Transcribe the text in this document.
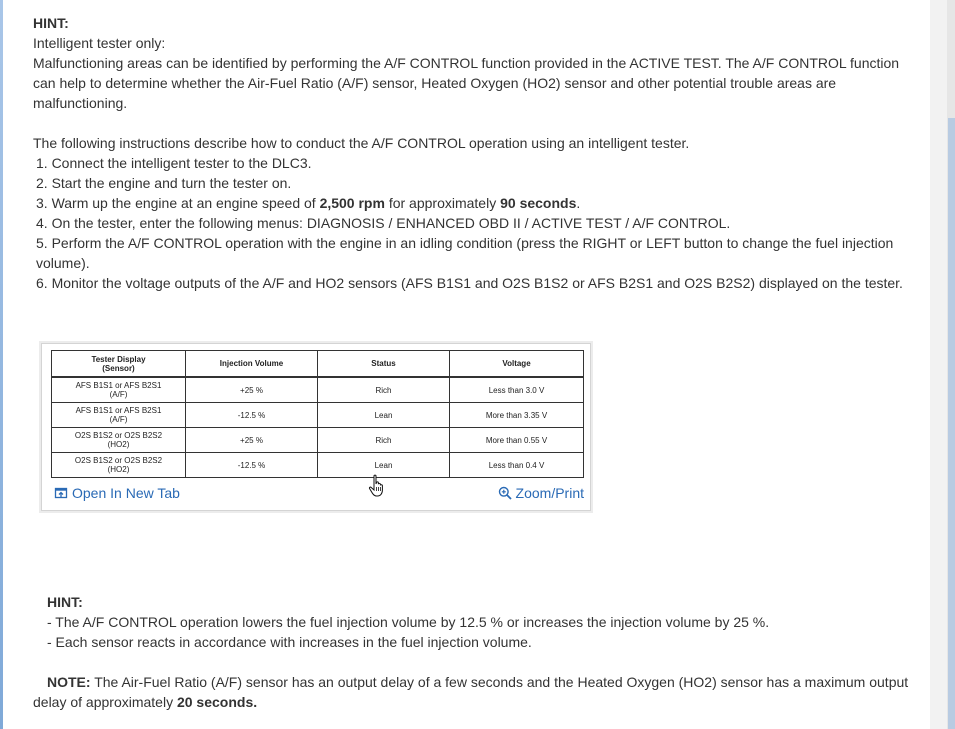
HINT:

Intelligent tester only:

Malfunctioning areas can be identified by performing the A/F CONTROL function provided in the ACTIVE TEST. The A/F CONTROL function can help to determine whether the Air-Fuel Ratio (A/F) sensor, Heated Oxygen (HO2) sensor and other potential trouble areas are malfunctioning.

The following instructions describe how to conduct the A/F CONTROL operation using an intelligent tester.

1. Connect the intelligent tester to the DLC3.

2. Start the engine and turn the tester on.

3. Warm up the engine at an engine speed of 2,500 rpm for approximately 90 seconds.

4. On the tester, enter the following menus: DIAGNOSIS / ENHANCED OBD II / ACTIVE TEST / A/F CONTROL.

5. Perform the A/F CONTROL operation with the engine in an idling condition (press the RIGHT or LEFT button to change the fuel injection volume).

6. Monitor the voltage outputs of the A/F and HO2 sensors (AFS B1S1 and O2S B1S2 or AFS B2S1 and O2S B2S2) displayed on the tester.

Tester Display
(Sensor)	Injection Volume	Status	Voltage
AFS B1S1 or AFS B2S1
(A/F)	+25 %	Rich	Less than 3.0 V
AFS B1S1 or AFS B2S1
(A/F)	-12.5 %	Lean	More than 3.35 V
O2S B1S2 or O2S B2S2
(HO2)	+25 %	Rich	More than 0.55 V
O2S B1S2 or O2S B2S2
(HO2)	-12.5 %	Lean	Less than 0.4 V
Open In New Tab	Zoom/Print

HINT:

- The A/F CONTROL operation lowers the fuel injection volume by 12.5 % or increases the injection volume by 25 %.

- Each sensor reacts in accordance with increases in the fuel injection volume.

NOTE: The Air-Fuel Ratio (A/F) sensor has an output delay of a few seconds and the Heated Oxygen (HO2) sensor has a maximum output delay of approximately 20 seconds.
